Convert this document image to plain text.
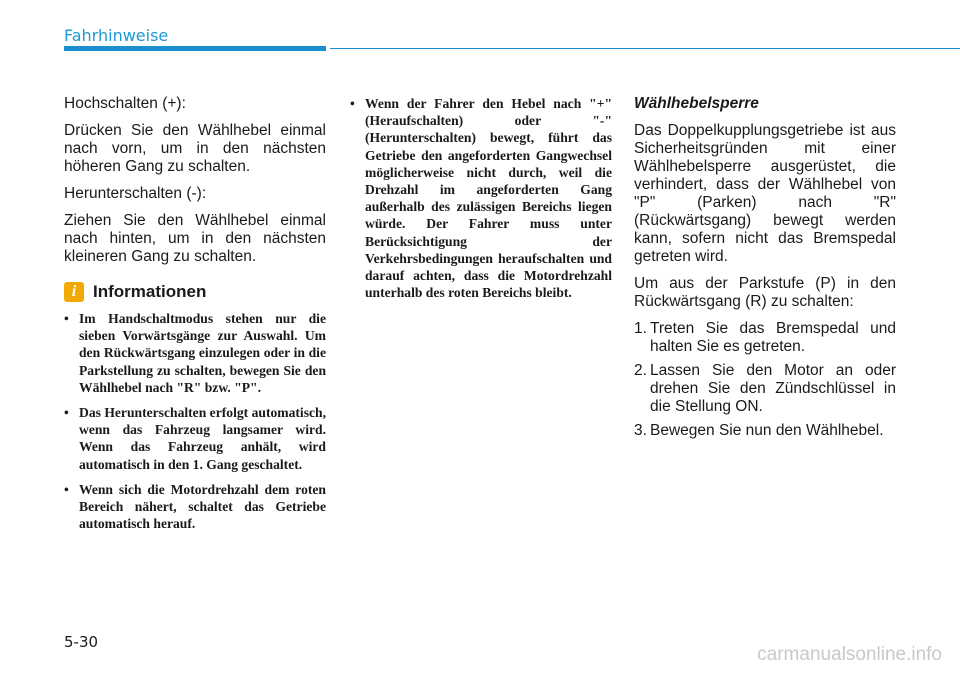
Fahrhinweise

Hochschalten (+):

Drücken Sie den Wählhebel einmal nach vorn, um in den nächsten höheren Gang zu schalten.

Herunterschalten (-):

Ziehen Sie den Wählhebel einmal nach hinten, um in den nächsten kleineren Gang zu schalten.

i Informationen
• Im Handschaltmodus stehen nur die sieben Vorwärtsgänge zur Auswahl. Um den Rückwärtsgang einzulegen oder in die Parkstellung zu schalten, bewegen Sie den Wählhebel nach "R" bzw. "P".
• Das Herunterschalten erfolgt automatisch, wenn das Fahrzeug langsamer wird. Wenn das Fahrzeug anhält, wird automatisch in den 1. Gang geschaltet.
• Wenn sich die Motordrehzahl dem roten Bereich nähert, schaltet das Getriebe automatisch herauf.
• Wenn der Fahrer den Hebel nach "+" (Heraufschalten) oder "-" (Herunterschalten) bewegt, führt das Getriebe den angeforderten Gangwechsel möglicherweise nicht durch, weil die Drehzahl im angeforderten Gang außerhalb des zulässigen Bereichs liegen würde. Der Fahrer muss unter Berücksichtigung der Verkehrsbedingungen heraufschalten und darauf achten, dass die Motordrehzahl unterhalb des roten Bereichs bleibt.
Wählhebelsperre

Das Doppelkupplungsgetriebe ist aus Sicherheitsgründen mit einer Wählhebelsperre ausgerüstet, die verhindert, dass der Wählhebel von "P" (Parken) nach "R" (Rückwärtsgang) bewegt werden kann, sofern nicht das Bremspedal getreten wird.

Um aus der Parkstufe (P) in den Rückwärtsgang (R) zu schalten:

1. Treten Sie das Bremspedal und halten Sie es getreten.
2. Lassen Sie den Motor an oder drehen Sie den Zündschlüssel in die Stellung ON.
3. Bewegen Sie nun den Wählhebel.
5-30
carmanualsonline.info
